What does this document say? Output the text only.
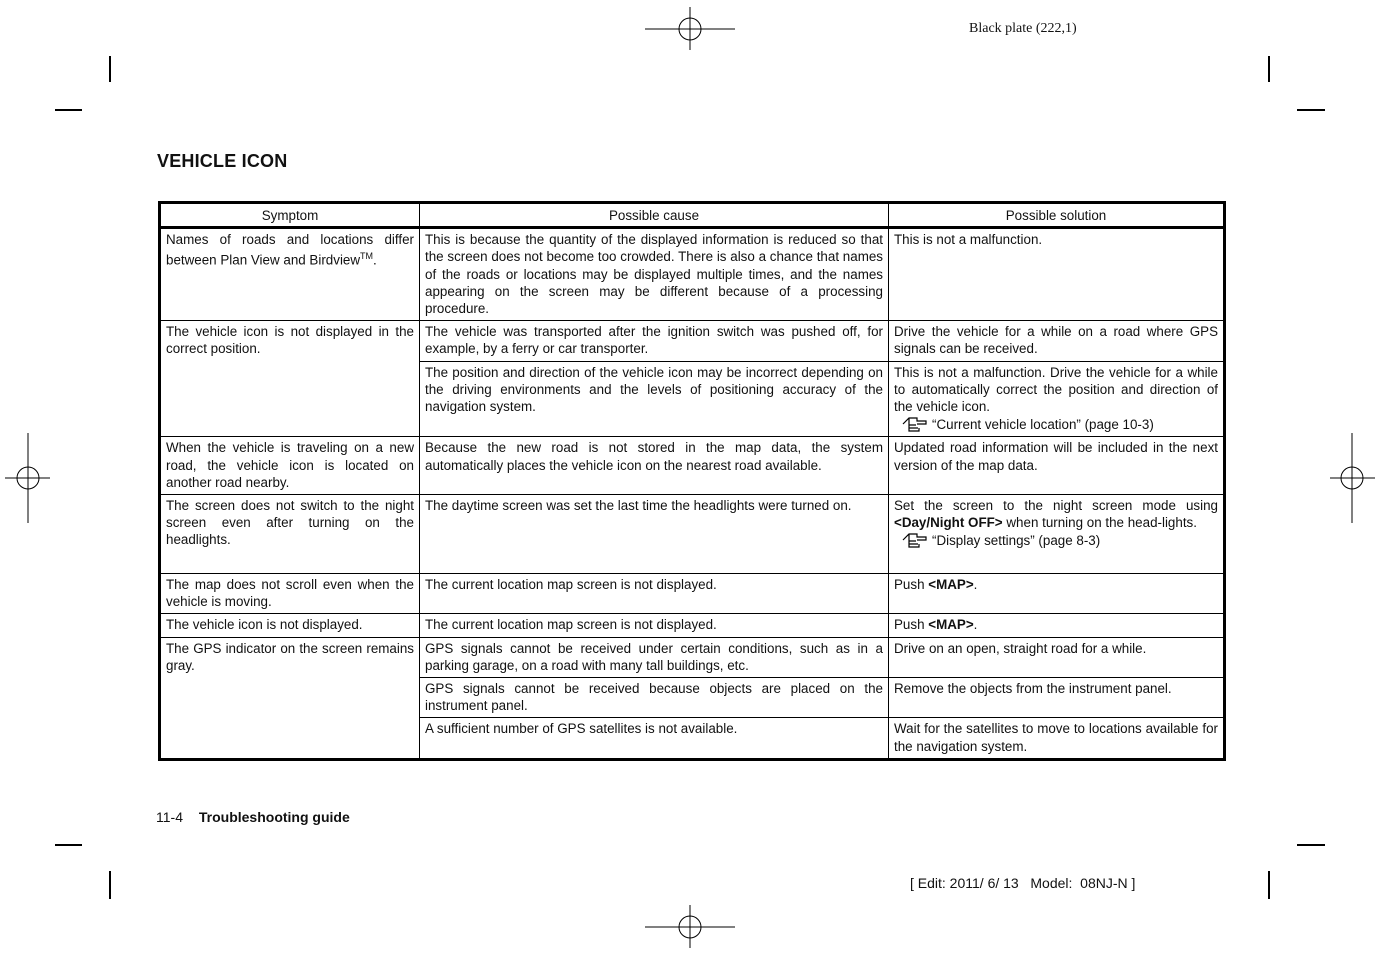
Black plate (222,1)
VEHICLE ICON
Symptom	Possible cause	Possible solution
Names of roads and locations differ between Plan View and Birdview™.	This is because the quantity of the displayed information is reduced so that the screen does not become too crowded. There is also a chance that names of the roads or locations may be displayed multiple times, and the names appearing on the screen may be different because of a processing procedure.	This is not a malfunction.
The vehicle icon is not displayed in the correct position.	The vehicle was transported after the ignition switch was pushed off, for example, by a ferry or car transporter.	Drive the vehicle for a while on a road where GPS signals can be received.
	The position and direction of the vehicle icon may be incorrect depending on the driving environments and the levels of positioning accuracy of the navigation system.	This is not a malfunction. Drive the vehicle for a while to automatically correct the position and direction of the vehicle icon.
“Current vehicle location” (page 10-3)
When the vehicle is traveling on a new road, the vehicle icon is located on another road nearby.	Because the new road is not stored in the map data, the system automatically places the vehicle icon on the nearest road available.	Updated road information will be included in the next version of the map data.
The screen does not switch to the night screen even after turning on the headlights.	The daytime screen was set the last time the headlights were turned on.	Set the screen to the night screen mode using <Day/Night OFF> when turning on the head-lights.
“Display settings” (page 8-3)
The map does not scroll even when the vehicle is moving.	The current location map screen is not displayed.	Push <MAP>.
The vehicle icon is not displayed.	The current location map screen is not displayed.	Push <MAP>.
The GPS indicator on the screen remains gray.	GPS signals cannot be received under certain conditions, such as in a parking garage, on a road with many tall buildings, etc.	Drive on an open, straight road for a while.
	GPS signals cannot be received because objects are placed on the instrument panel.	Remove the objects from the instrument panel.
	A sufficient number of GPS satellites is not available.	Wait for the satellites to move to locations available for the navigation system.
11-4 Troubleshooting guide
[ Edit: 2011/ 6/ 13   Model:  08NJ-N ]
